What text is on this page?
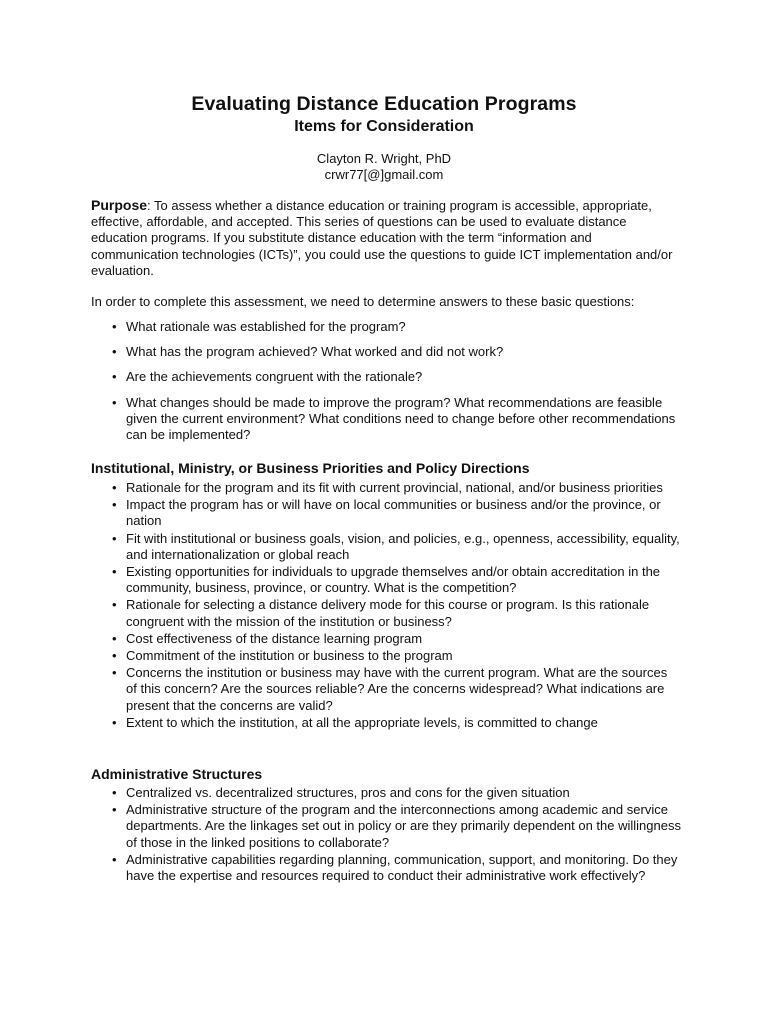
Evaluating Distance Education Programs
Items for Consideration
Clayton R. Wright, PhD
crwr77[@]gmail.com
Purpose: To assess whether a distance education or training program is accessible, appropriate, effective, affordable, and accepted. This series of questions can be used to evaluate distance education programs. If you substitute distance education with the term “information and communication technologies (ICTs)”, you could use the questions to guide ICT implementation and/or evaluation.
In order to complete this assessment, we need to determine answers to these basic questions:
• What rationale was established for the program?
• What has the program achieved? What worked and did not work?
• Are the achievements congruent with the rationale?
• What changes should be made to improve the program? What recommendations are feasible given the current environment? What conditions need to change before other recommendations can be implemented?
Institutional, Ministry, or Business Priorities and Policy Directions
• Rationale for the program and its fit with current provincial, national, and/or business priorities
• Impact the program has or will have on local communities or business and/or the province, or nation
• Fit with institutional or business goals, vision, and policies, e.g., openness, accessibility, equality, and internationalization or global reach
• Existing opportunities for individuals to upgrade themselves and/or obtain accreditation in the community, business, province, or country. What is the competition?
• Rationale for selecting a distance delivery mode for this course or program. Is this rationale congruent with the mission of the institution or business?
• Cost effectiveness of the distance learning program
• Commitment of the institution or business to the program
• Concerns the institution or business may have with the current program. What are the sources of this concern? Are the sources reliable? Are the concerns widespread? What indications are present that the concerns are valid?
• Extent to which the institution, at all the appropriate levels, is committed to change
Administrative Structures
• Centralized vs. decentralized structures, pros and cons for the given situation
• Administrative structure of the program and the interconnections among academic and service departments. Are the linkages set out in policy or are they primarily dependent on the willingness of those in the linked positions to collaborate?
• Administrative capabilities regarding planning, communication, support, and monitoring. Do they have the expertise and resources required to conduct their administrative work effectively?
